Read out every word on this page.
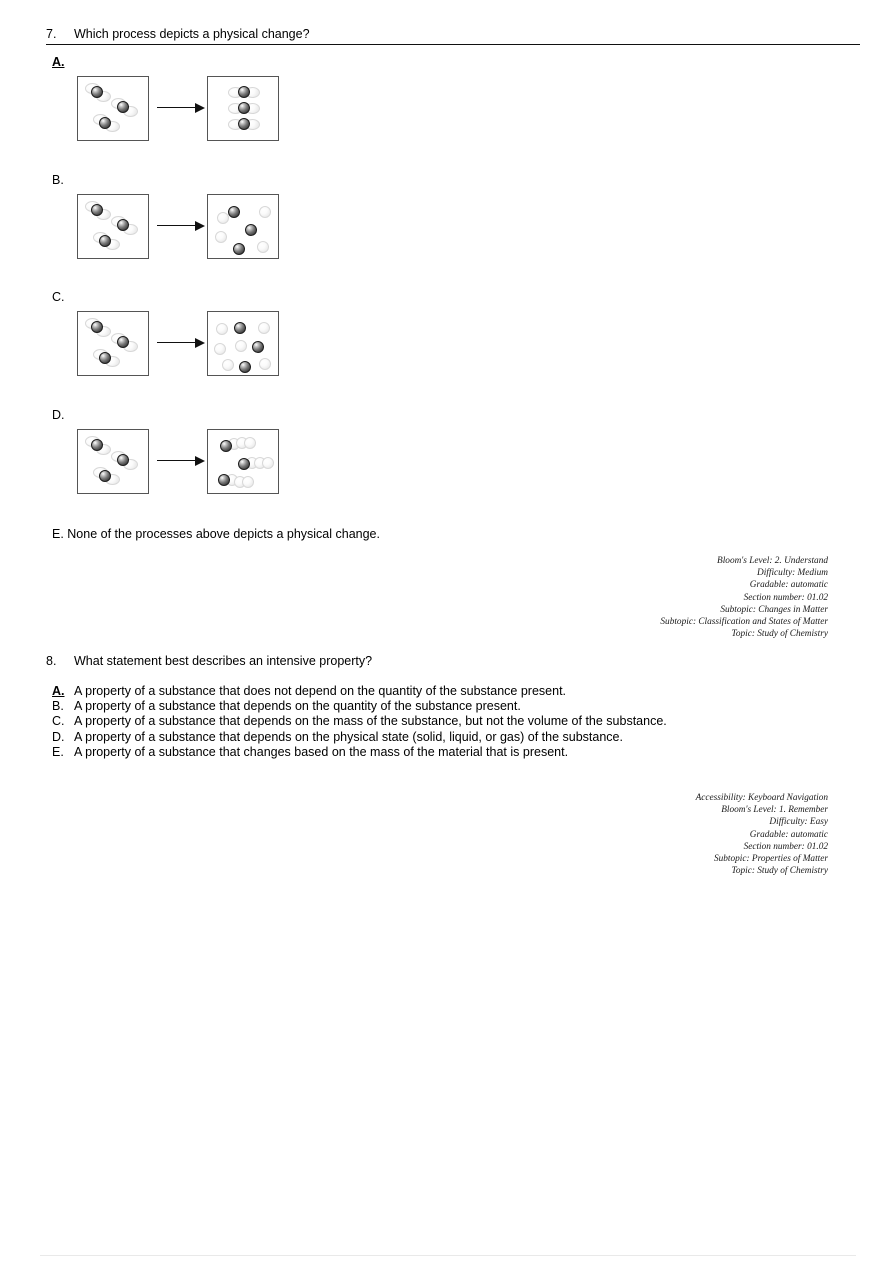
7.	Which process depicts a physical change?
A.
B.
C.
D.
E. None of the processes above depicts a physical change.
Bloom's Level: 2. Understand
Difficulty: Medium
Gradable: automatic
Section number: 01.02
Subtopic: Changes in Matter
Subtopic: Classification and States of Matter
Topic: Study of Chemistry
8.	What statement best describes an intensive property?
A. A property of a substance that does not depend on the quantity of the substance present.
B. A property of a substance that depends on the quantity of the substance present.
C. A property of a substance that depends on the mass of the substance, but not the volume of the substance.
D. A property of a substance that depends on the physical state (solid, liquid, or gas) of the substance.
E. A property of a substance that changes based on the mass of the material that is present.
Accessibility: Keyboard Navigation
Bloom's Level: 1. Remember
Difficulty: Easy
Gradable: automatic
Section number: 01.02
Subtopic: Properties of Matter
Topic: Study of Chemistry
